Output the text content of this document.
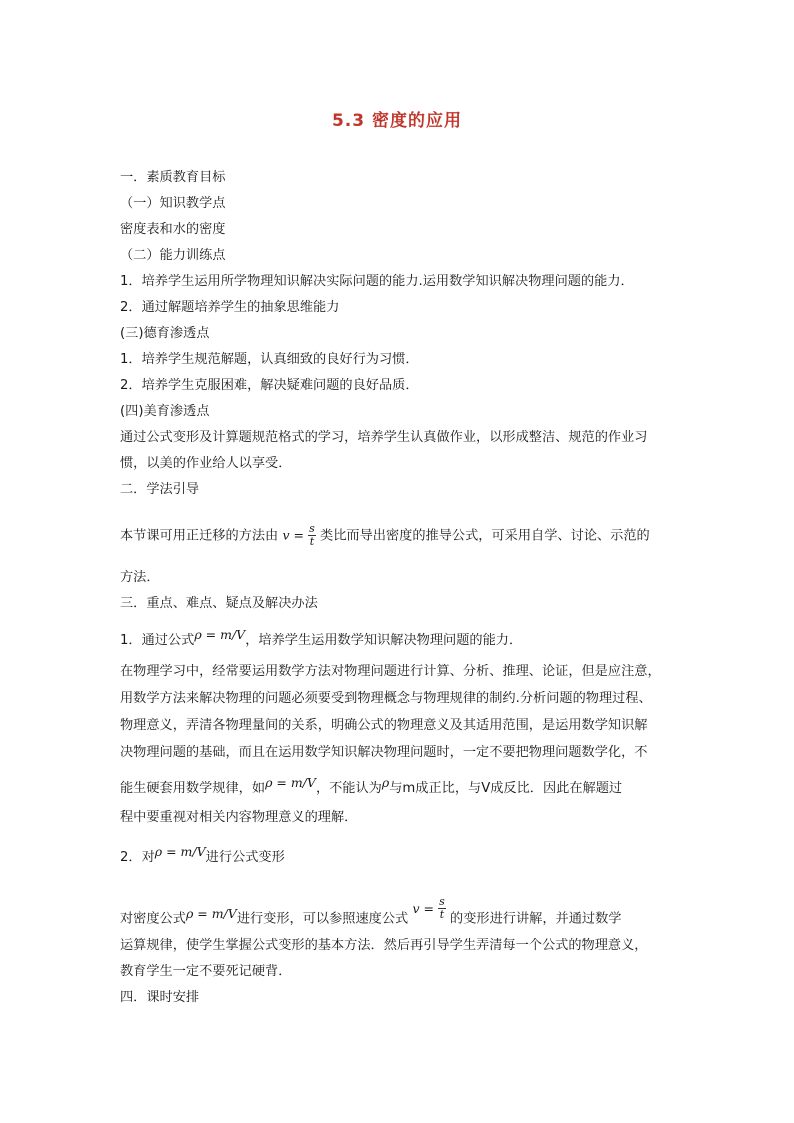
5.3 密度的应用
一．素质教育目标
（一）知识教学点
密度表和水的密度
（二）能力训练点
1．培养学生运用所学物理知识解决实际问题的能力.运用数学知识解决物理问题的能力．
2．通过解题培养学生的抽象思维能力
(三)德育渗透点
1．培养学生规范解题，认真细致的良好行为习惯．
2．培养学生克服困难，解决疑难问题的良好品质．
(四)美育渗透点
通过公式变形及计算题规范格式的学习，培养学生认真做作业，以形成整洁、规范的作业习
惯，以美的作业给人以享受．
二．学法引导
本节课可用正迁移的方法由 $v = \frac{s}{t}$ 类比而导出密度的推导公式，可采用自学、讨论、示范的
方法．
三．重点、难点、疑点及解决办法
1．通过公式ρ = m/V，培养学生运用数学知识解决物理问题的能力．
在物理学习中，经常要运用数学方法对物理问题进行计算、分析、推理、论证，但是应注意，
用数学方法来解决物理的问题必须要受到物理概念与物理规律的制约.分析问题的物理过程、
物理意义，弄清各物理量间的关系，明确公式的物理意义及其适用范围，是运用数学知识解
决物理问题的基础，而且在运用数学知识解决物理问题时，一定不要把物理问题数学化，不
能生硬套用数学规律，如ρ = m/V，不能认为ρ与m成正比，与V成反比．因此在解题过
程中要重视对相关内容物理意义的理解．
2．对ρ = m/V进行公式变形
对密度公式ρ = m/V进行变形，可以参照速度公式 $v = \frac{s}{t}$ 的变形进行讲解，并通过数学
运算规律，使学生掌握公式变形的基本方法．然后再引导学生弄清每一个公式的物理意义，
教育学生一定不要死记硬背．
四．课时安排
